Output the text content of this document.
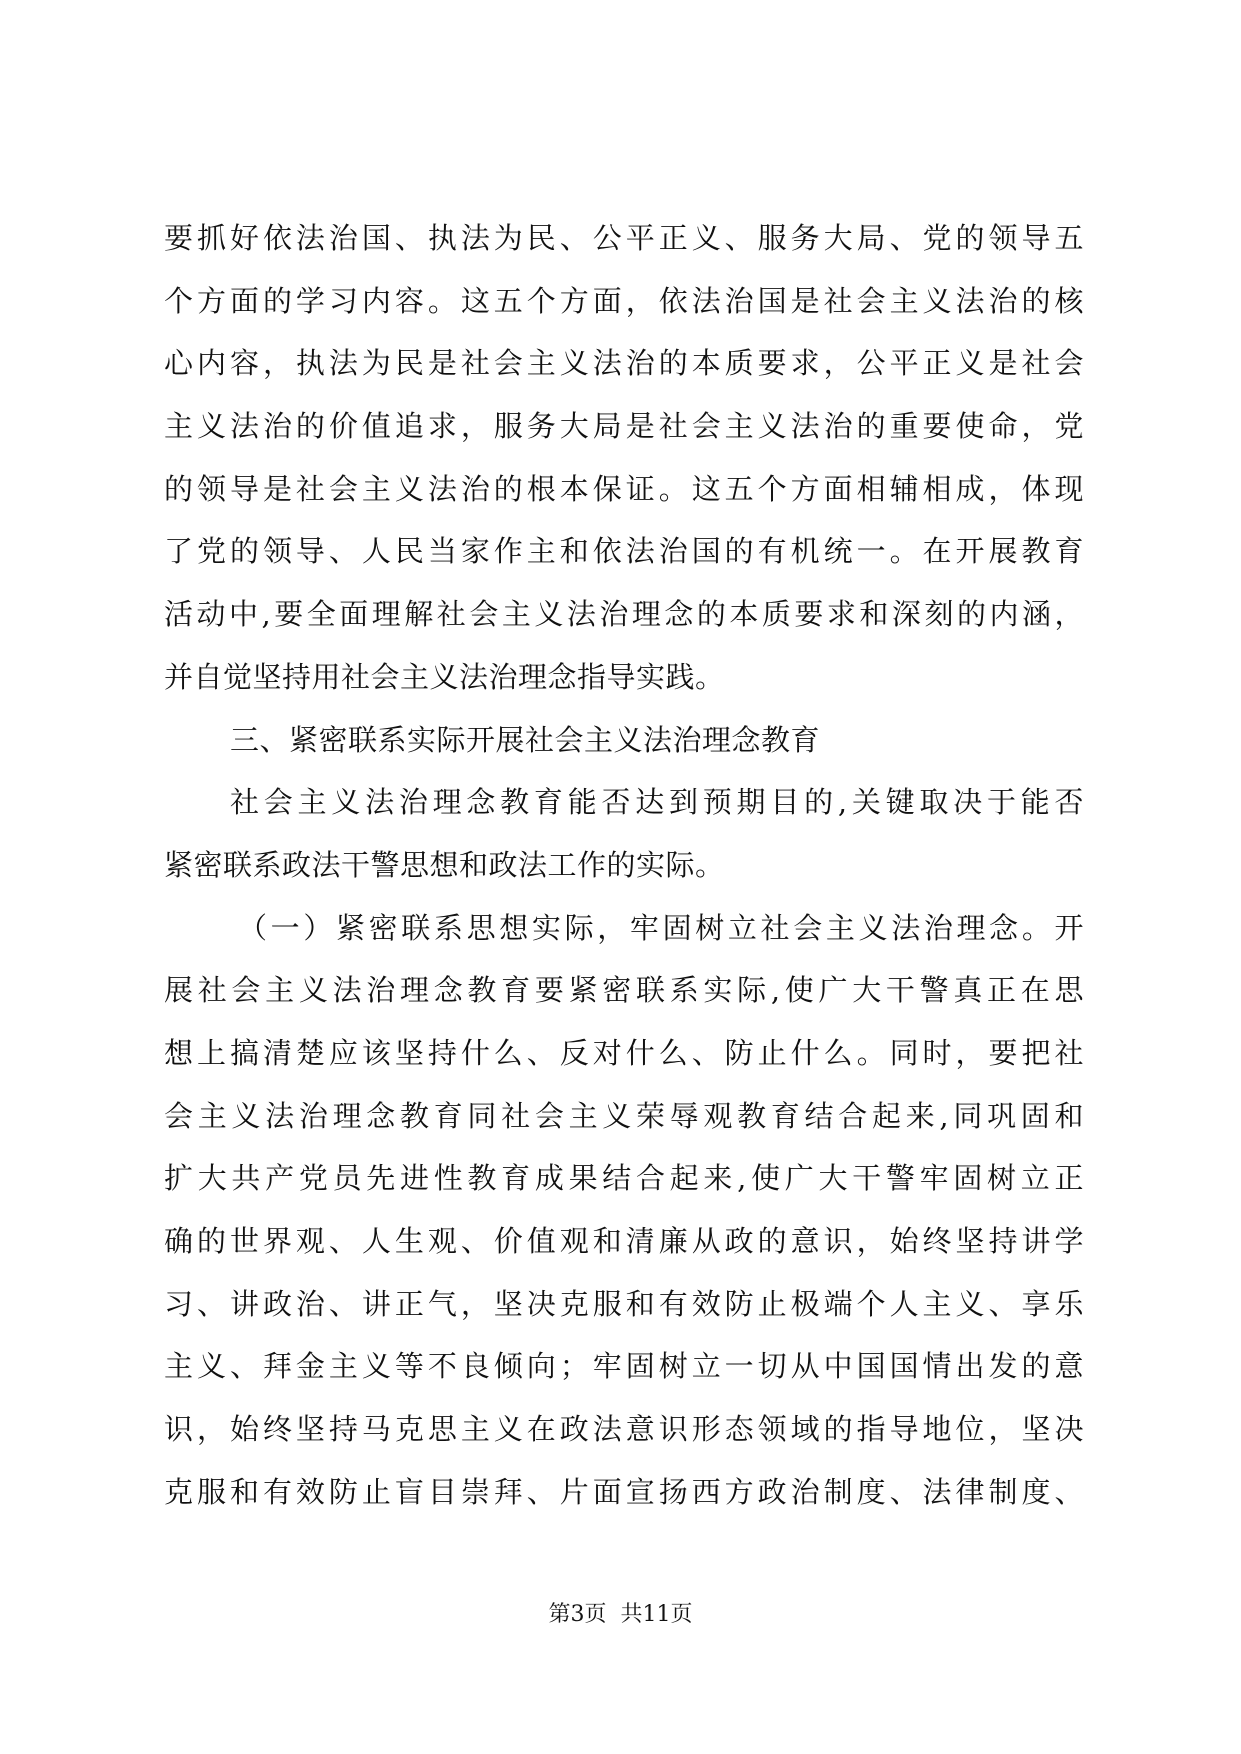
要抓好依法治国、执法为民、公平正义、服务大局、党的领导五
个方面的学习内容。这五个方面，依法治国是社会主义法治的核
心内容，执法为民是社会主义法治的本质要求，公平正义是社会
主义法治的价值追求，服务大局是社会主义法治的重要使命，党
的领导是社会主义法治的根本保证。这五个方面相辅相成，体现
了党的领导、人民当家作主和依法治国的有机统一。在开展教育
活动中,要全面理解社会主义法治理念的本质要求和深刻的内涵，
并自觉坚持用社会主义法治理念指导实践。
三、紧密联系实际开展社会主义法治理念教育
社会主义法治理念教育能否达到预期目的,关键取决于能否
紧密联系政法干警思想和政法工作的实际。
（一）紧密联系思想实际，牢固树立社会主义法治理念。开
展社会主义法治理念教育要紧密联系实际,使广大干警真正在思
想上搞清楚应该坚持什么、反对什么、防止什么。同时，要把社
会主义法治理念教育同社会主义荣辱观教育结合起来,同巩固和
扩大共产党员先进性教育成果结合起来,使广大干警牢固树立正
确的世界观、人生观、价值观和清廉从政的意识，始终坚持讲学
习、讲政治、讲正气，坚决克服和有效防止极端个人主义、享乐
主义、拜金主义等不良倾向；牢固树立一切从中国国情出发的意
识，始终坚持马克思主义在政法意识形态领域的指导地位，坚决
克服和有效防止盲目崇拜、片面宣扬西方政治制度、法律制度、
第3页  共11页
